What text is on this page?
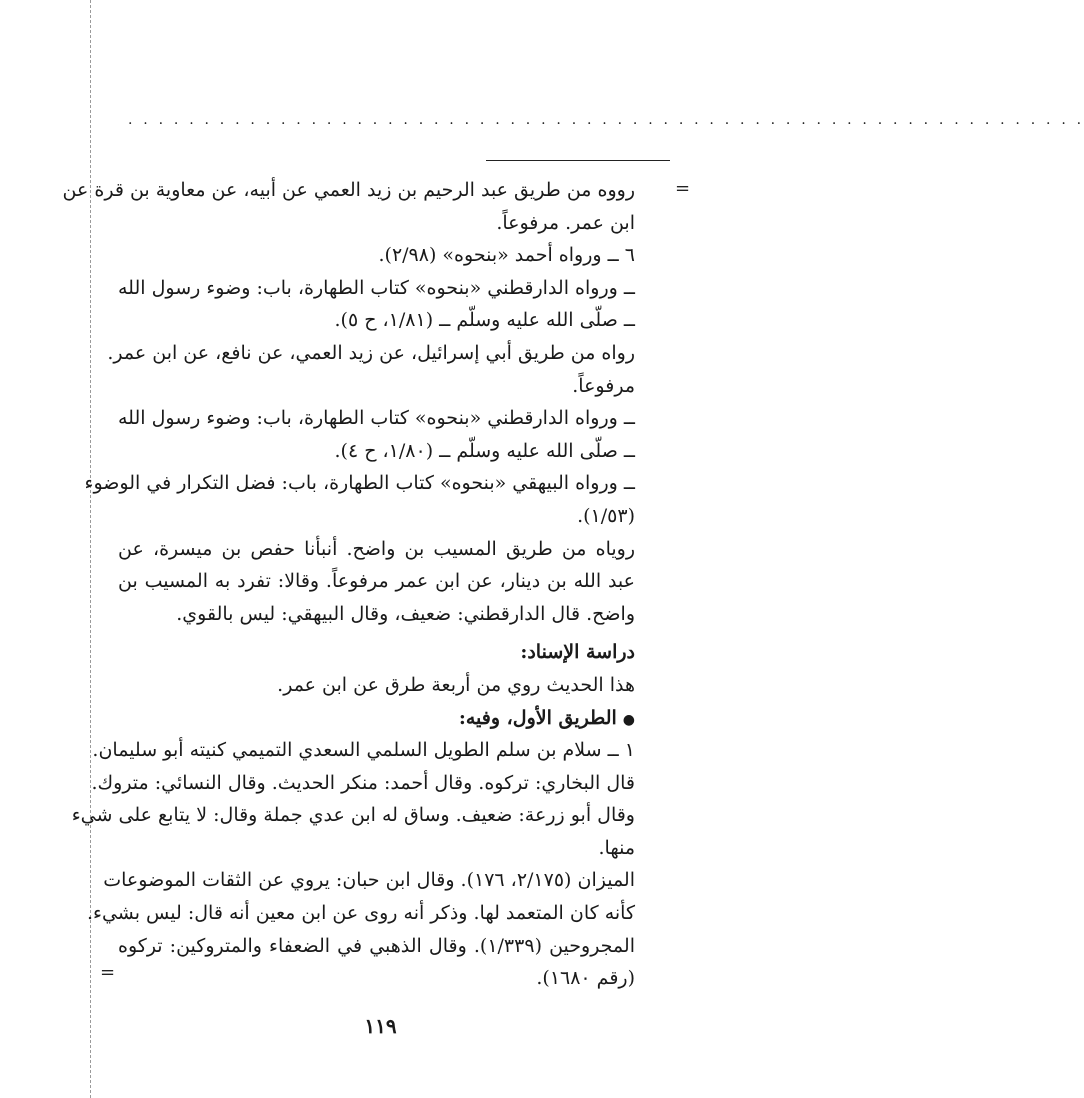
. . . . . . . . . . . . . . . . . . . . . . . . . . . . . . . . . . . . . . . . . . . . . . . . . . . . . . . . . . . . . . .
=
=
رووه من طريق عبد الرحيم بن زيد العمي عن أبيه، عن معاوية بن قرة عن
ابن عمر. مرفوعاً.
٦ ــ ورواه أحمد «بنحوه» (٢/٩٨).
ــ ورواه الدارقطني «بنحوه» كتاب الطهارة، باب: وضوء رسول الله
ــ صلّى الله عليه وسلّم ــ (١/٨١، ح ٥).
رواه من طريق أبي إسرائيل، عن زيد العمي، عن نافع، عن ابن عمر.
مرفوعاً.
ــ ورواه الدارقطني «بنحوه» كتاب الطهارة، باب: وضوء رسول الله
ــ صلّى الله عليه وسلّم ــ (١/٨٠، ح ٤).
ــ ورواه البيهقي «بنحوه» كتاب الطهارة، باب: فضل التكرار في الوضوء
(١/٥٣).
روياه من طريق المسيب بن واضح. أنبأنا حفص بن ميسرة، عن
عبد الله بن دينار، عن ابن عمر مرفوعاً. وقالا: تفرد به المسيب بن
واضح. قال الدارقطني: ضعيف، وقال البيهقي: ليس بالقوي.
دراسة الإسناد:
هذا الحديث روي من أربعة طرق عن ابن عمر.
●الطريق الأول، وفيه:
١ ــ سلام بن سلم الطويل السلمي السعدي التميمي كنيته أبو سليمان.
قال البخاري: تركوه. وقال أحمد: منكر الحديث. وقال النسائي: متروك.
وقال أبو زرعة: ضعيف. وساق له ابن عدي جملة وقال: لا يتابع على شيء
منها.
الميزان (٢/١٧٥، ١٧٦). وقال ابن حبان: يروي عن الثقات الموضوعات
كأنه كان المتعمد لها. وذكر أنه روى عن ابن معين أنه قال: ليس بشيء.
المجروحين (١/٣٣٩). وقال الذهبي في الضعفاء والمتروكين: تركوه
(رقم ١٦٨٠).
١١٩
